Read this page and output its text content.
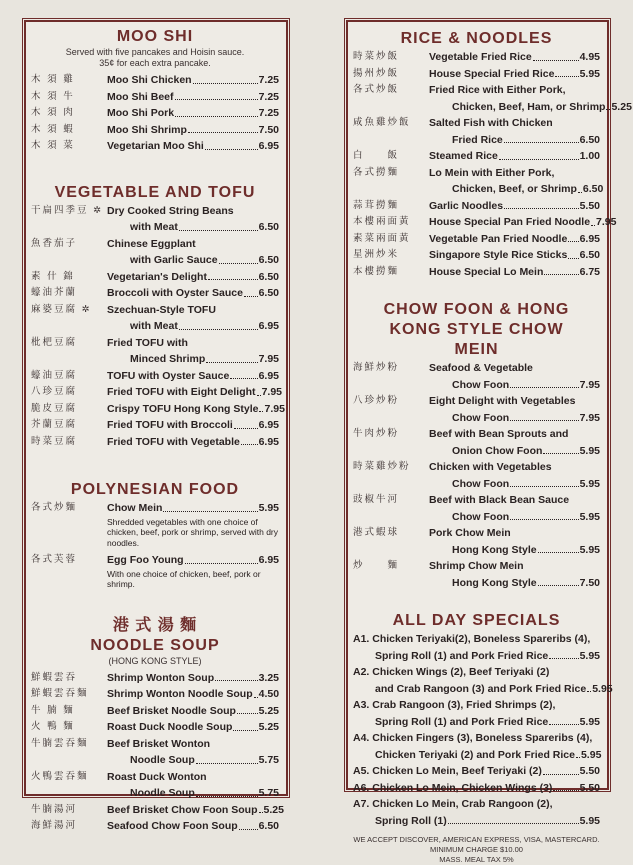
MOO SHI
Served with five pancakes and Hoisin sauce.
35¢ for each extra pancake.
木 須 雞	Moo Shi Chicken	7.25
木 須 牛	Moo Shi Beef	7.25
木 須 肉	Moo Shi Pork	7.25
木 須 蝦	Moo Shi Shrimp	7.50
木 須 菜	Vegetarian Moo Shi	6.95
VEGETABLE AND TOFU
干扁四季豆 ✲ Dry Cooked String Beans
with Meat	6.50
魚香茄子	Chinese Eggplant
with Garlic Sauce	6.50
素 什 錦	Vegetarian's Delight	6.50
蠔油芥蘭	Broccoli with Oyster Sauce 6.50
麻婆豆腐 ✲	Szechuan-Style TOFU
with Meat	6.95
枇杷豆腐	Fried TOFU with
Minced Shrimp	7.95
蠔油豆腐	TOFU with Oyster Sauce	6.95
八珍豆腐	Fried TOFU with Eight Delight 7.95
脆皮豆腐	Crispy TOFU Hong Kong Style 7.95
芥蘭豆腐	Fried TOFU with Broccoli 6.95
時菜豆腐	Fried TOFU with Vegetable 6.95
POLYNESIAN FOOD
各式炒麵	Chow Mein	5.95
Shredded vegetables with one choice of chicken, beef, pork or shrimp, served with dry noodles.
各式芙蓉	Egg Foo Young	6.95
With one choice of chicken, beef, pork or shrimp.
港 式 湯 麵
NOODLE SOUP
(HONG KONG STYLE)
鮮蝦雲吞	Shrimp Wonton Soup	3.25
鮮蝦雲吞麵	Shrimp Wonton Noodle Soup 4.50
牛 腩 麵	Beef Brisket Noodle Soup 5.25
火 鴨 麵	Roast Duck Noodle Soup 5.25
牛腩雲吞麵	Beef Brisket Wonton
Noodle Soup	5.75
火鴨雲吞麵	Roast Duck Wonton
Noodle Soup	5.75
牛腩湯河	Beef Brisket Chow Foon Soup 5.25
海鮮湯河	Seafood Chow Foon Soup 6.50
RICE & NOODLES
時菜炒飯	Vegetable Fried Rice	4.95
揚州炒飯	House Special Fried Rice 5.95
各式炒飯	Fried Rice with Either Pork,
Chicken, Beef, Ham, or Shrimp 5.25
咸魚雞炒飯	Salted Fish with Chicken
Fried Rice	6.50
白　　飯	Steamed Rice	1.00
各式撈麵	Lo Mein with Either Pork,
Chicken, Beef, or Shrimp 6.50
蒜茸撈麵	Garlic Noodles	5.50
本樓兩面黃	House Special Pan Fried Noodle 7.95
素菜兩面黃	Vegetable Pan Fried Noodle 6.95
星洲炒米	Singapore Style Rice Sticks 6.50
本樓撈麵	House Special Lo Mein	6.75
CHOW FOON & HONG KONG STYLE CHOW MEIN
海鮮炒粉	Seafood & Vegetable
Chow Foon	7.95
八珍炒粉	Eight Delight with Vegetables
Chow Foon	7.95
牛肉炒粉	Beef with Bean Sprouts and
Onion Chow Foon	5.95
時菜雞炒粉	Chicken with Vegetables
Chow Foon	5.95
豉椒牛河	Beef with Black Bean Sauce
Chow Foon	5.95
港式蝦球	Pork Chow Mein
Hong Kong Style	5.95
炒　　麵	Shrimp Chow Mein
Hong Kong Style	7.50
ALL DAY SPECIALS
A1. Chicken Teriyaki(2), Boneless Spareribs (4),
Spring Roll (1) and Pork Fried Rice	5.95
A2. Chicken Wings (2), Beef Teriyaki (2)
and Crab Rangoon (3) and Pork Fried Rice 5.95
A3. Crab Rangoon (3), Fried Shrimps (2),
Spring Roll (1) and Pork Fried Rice	5.95
A4. Chicken Fingers (3), Boneless Spareribs (4),
Chicken Teriyaki (2) and Pork Fried Rice 5.95
A5. Chicken Lo Mein, Beef Teriyaki (2)	5.50
A6. Chicken Lo Mein, Chicken Wings (3)	5.50
A7. Chicken Lo Mein, Crab Rangoon (2),
Spring Roll (1)	5.95
WE ACCEPT DISCOVER, AMERICAN EXPRESS, VISA, MASTERCARD.
MINIMUM CHARGE $10.00
MASS. MEAL TAX 5%
